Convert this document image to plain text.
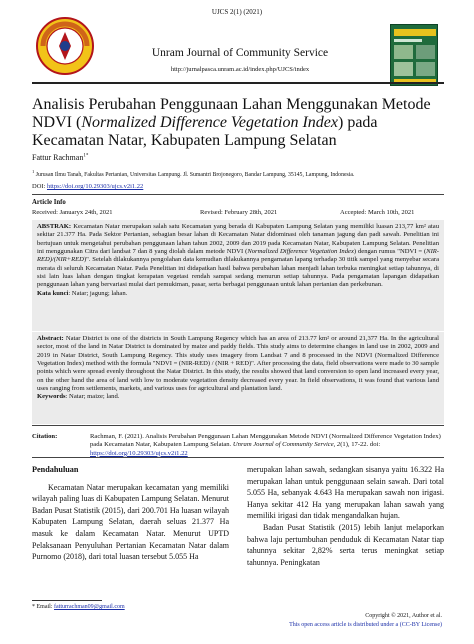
UJCS 2(1) (2021)
Unram Journal of Community Service
http://jurnalpasca.unram.ac.id/index.php/UJCS/index
Analisis Perubahan Penggunaan Lahan Menggunakan Metode NDVI (Normalized Difference Vegetation Index) pada Kecamatan Natar, Kabupaten Lampung Selatan
Fattur Rachman$^{1*}$
$^1$ Jurusan Ilmu Tanah, Fakultas Pertanian, Universitas Lampung. Jl. Sumantri Brojonegoro, Bandar Lampung, 35145, Lampung, Indonesia.
DOI: https://doi.org/10.29303/ujcs.v2i1.22
Article Info
Received: Januaryx 24th, 2021	Revised: February 28th, 2021	Accepted: March 10th, 2021
ABSTRAK: Kecamatan Natar merupakan salah satu Kecamatan yang berada di Kabupaten Lampung Selatan yang memiliki luasan 213,77 km² atau sekitar 21.377 Ha. Pada Sektor Pertanian, sebagian besar lahan di Kecamatan Natar didominasi oleh tanaman jagung dan padi sawah. Penelitian ini bertujuan untuk mengetahui perubahan penggunaan lahan tahun 2002, 2009 dan 2019 pada Kecamatan Natar, Kabupaten Lampung Selatan. Penelitian ini menggunakan Citra dari landsat 7 dan 8 yang diolah dalam metode NDVI (Normalized Difference Vegetation Index) dengan rumus "NDVI = (NIR-RED)/(NIR+RED)". Setelah dilakukannya pengolahan data kemudian dilakukannya pengamatan lapang terhadap 30 titik sampel yang menyebar secara merata di seluruh Kecamatan Natar. Pada Penelitian ini didapatkan hasil bahwa perubahan lahan menjadi lahan terbuka meningkat setiap tahunnya, di sisi lain luas lahan dengan tingkat kerapatan vegetasi rendah sampai sedang menurun setiap tahunnya. Pada pengamatan lapangan didapatkan penggunaan lahan yang bervariasi mulai dari pemukiman, pasar, serta berbagai penggunaan untuk lahan pertanian dan perkebunan.
Kata kunci: Natar; jagung; lahan.
Abstract: Natar District is one of the districts in South Lampung Regency which has an area of 213.77 km² or around 21,377 Ha. In the agricultural sector, most of the land in Natar District is dominated by maize and paddy fields. This study aims to determine changes in land use in 2002, 2009 and 2019 in Natar District, South Lampung Regency. This study uses imagery from Landsat 7 and 8 processed in the NDVI (Normalized Difference Vegetation Index) method with the formula "NDVI = (NIR-RED) / (NIR + RED)". After processing the data, field observations were made to 30 sample points which were spread evenly throughout the Natar District. In this study, the results showed that land conversion to open land increased every year, on the other hand the area of land with low to moderate vegetation density decreased every year. In field observations, it was found that various land uses ranging from settlements, markets, and various uses for agricultural and plantation land.
Keywords: Natar; maize; land.
Citation:	Rachman, F. (2021). Analisis Perubahan Penggunaan Lahan Menggunakan Metode NDVI (Normalized Difference Vegetation Index) pada Kecamatan Natar, Kabupaten Lampung Selatan. Unram Journal of Community Service, 2(1), 17-22. doi: https://doi.org/10.29303/ujcs.v2i1.22
Pendahuluan

Kecamatan Natar merupakan kecamatan yang memiliki wilayah paling luas di Kabupaten Lampung Selatan. Menurut Badan Pusat Statistik (2015), dari 200.701 Ha luasan wilayah Kabupaten Lampung Selatan, daerah seluas 21.377 Ha masuk ke dalam Kecamatan Natar. Menurut UPTD Pelaksanaan Penyuluhan Pertanian Kecamatan Natar dalam Purnomo (2018), dari total luasan tersebut 5.055 Ha

merupakan lahan sawah, sedangkan sisanya yaitu 16.322 Ha merupakan lahan untuk penggunaan selain sawah. Dari total 5.055 Ha, sebanyak 4.643 Ha merupakan sawah non irigasi. Hanya sekitar 412 Ha yang merupakan lahan sawah yang memiliki irigasi dan tidak mengandalkan hujan.

Badan Pusat Statistik (2015) lebih lanjut melaporkan bahwa laju pertumbuhan penduduk di Kecamatan Natar tiap tahunnya sekitar 2,82% serta terus meningkat setiap tahunnya. Peningkatan

* Email: fatturrachman09@gmail.com
Copyright © 2021, Author et al.
This open access article is distributed under a (CC-BY License)
